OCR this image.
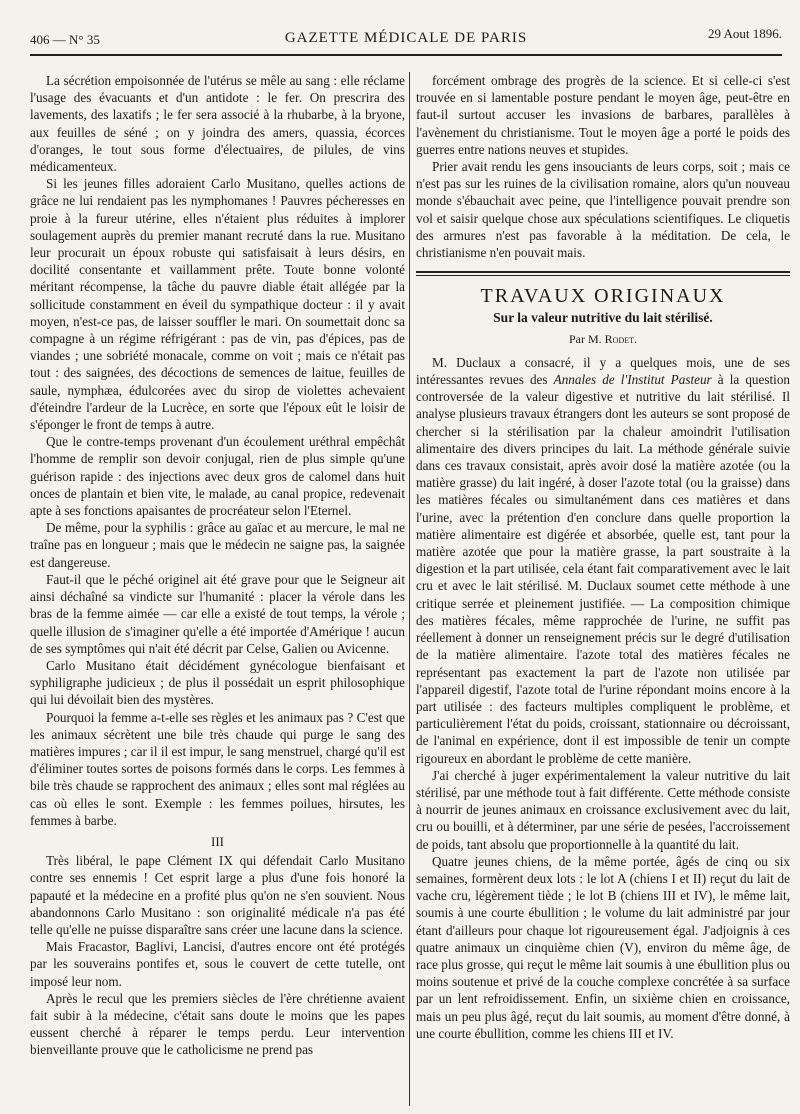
406 — N° 35	GAZETTE MÉDICALE DE PARIS	29 Aout 1896.

La sécrétion empoisonnée de l'utérus se mêle au sang : elle réclame l'usage des évacuants et d'un antidote : le fer. On prescrira des lavements, des laxatifs ; le fer sera associé à la rhubarbe, à la bryone, aux feuilles de séné ; on y joindra des amers, quassia, écorces d'oranges, le tout sous forme d'électuaires, de pilules, de vins médicamenteux.

Si les jeunes filles adoraient Carlo Musitano, quelles actions de grâce ne lui rendaient pas les nymphomanes ! Pauvres pécheresses en proie à la fureur utérine, elles n'étaient plus réduites à implorer soulagement auprès du premier manant recruté dans la rue. Musitano leur procurait un époux robuste qui satisfaisait à leurs désirs, en docilité consentante et vaillamment prête. Toute bonne volonté méritant récompense, la tâche du pauvre diable était allégée par la sollicitude constamment en éveil du sympathique docteur : il y avait moyen, n'est-ce pas, de laisser souffler le mari. On soumettait donc sa compagne à un régime réfrigérant : pas de vin, pas d'épices, pas de viandes ; une sobriété monacale, comme on voit ; mais ce n'était pas tout : des saignées, des décoctions de semences de laitue, feuilles de saule, nymphæa, édulcorées avec du sirop de violettes achevaient d'éteindre l'ardeur de la Lucrèce, en sorte que l'époux eût le loisir de s'éponger le front de temps à autre.

Que le contre-temps provenant d'un écoulement uréthral empêchât l'homme de remplir son devoir conjugal, rien de plus simple qu'une guérison rapide : des injections avec deux gros de calomel dans huit onces de plantain et bien vite, le malade, au canal propice, redevenait apte à ses fonctions apaisantes de procréateur selon l'Eternel.

De même, pour la syphilis : grâce au gaïac et au mercure, le mal ne traîne pas en longueur ; mais que le médecin ne saigne pas, la saignée est dangereuse.

Faut-il que le péché originel ait été grave pour que le Seigneur ait ainsi déchaîné sa vindicte sur l'humanité : placer la vérole dans les bras de la femme aimée — car elle a existé de tout temps, la vérole ; quelle illusion de s'imaginer qu'elle a été importée d'Amérique ! aucun de ses symptômes qui n'ait été décrit par Celse, Galien ou Avicenne.

Carlo Musitano était décidément gynécologue bienfaisant et syphiligraphe judicieux ; de plus il possédait un esprit philosophique qui lui dévoilait bien des mystères.

Pourquoi la femme a-t-elle ses règles et les animaux pas ? C'est que les animaux sécrètent une bile très chaude qui purge le sang des matières impures ; car il il est impur, le sang menstruel, chargé qu'il est d'éliminer toutes sortes de poisons formés dans le corps. Les femmes à bile très chaude se rapprochent des animaux ; elles sont mal réglées au cas où elles le sont. Exemple : les femmes poilues, hirsutes, les femmes à barbe.

III

Très libéral, le pape Clément IX qui défendait Carlo Musitano contre ses ennemis ! Cet esprit large a plus d'une fois honoré la papauté et la médecine en a profité plus qu'on ne s'en souvient. Nous abandonnons Carlo Musitano : son originalité médicale n'a pas été telle qu'elle ne puisse disparaître sans créer une lacune dans la science.

Mais Fracastor, Baglivi, Lancisi, d'autres encore ont été protégés par les souverains pontifes et, sous le couvert de cette tutelle, ont imposé leur nom.

Après le recul que les premiers siècles de l'ère chrétienne avaient fait subir à la médecine, c'était sans doute le moins que les papes eussent cherché à réparer le temps perdu. Leur intervention bienveillante prouve que le catholicisme ne prend pas

forcément ombrage des progrès de la science. Et si celle-ci s'est trouvée en si lamentable posture pendant le moyen âge, peut-être en faut-il surtout accuser les invasions de barbares, parallèles à l'avènement du christianisme. Tout le moyen âge a porté le poids des guerres entre nations neuves et stupides.

Prier avait rendu les gens insouciants de leurs corps, soit ; mais ce n'est pas sur les ruines de la civilisation romaine, alors qu'un nouveau monde s'ébauchait avec peine, que l'intelligence pouvait prendre son vol et saisir quelque chose aux spéculations scientifiques. Le cliquetis des armures n'est pas favorable à la méditation. De cela, le christianisme n'en pouvait mais.

TRAVAUX ORIGINAUX
Sur la valeur nutritive du lait stérilisé.
Par M. Rodet.

M. Duclaux a consacré, il y a quelques mois, une de ses intéressantes revues des Annales de l'Institut Pasteur à la question controversée de la valeur digestive et nutritive du lait stérilisé. Il analyse plusieurs travaux étrangers dont les auteurs se sont proposé de chercher si la stérilisation par la chaleur amoindrit l'utilisation alimentaire des divers principes du lait. La méthode générale suivie dans ces travaux consistait, après avoir dosé la matière azotée (ou la matière grasse) du lait ingéré, à doser l'azote total (ou la graisse) dans les matières fécales ou simultanément dans ces matières et dans l'urine, avec la prétention d'en conclure dans quelle proportion la matière alimentaire est digérée et absorbée, quelle est, tant pour la matière azotée que pour la matière grasse, la part soustraite à la digestion et la part utilisée, cela étant fait comparativement avec le lait cru et avec le lait stérilisé. M. Duclaux soumet cette méthode à une critique serrée et pleinement justifiée. — La composition chimique des matières fécales, même rapprochée de l'urine, ne suffit pas réellement à donner un renseignement précis sur le degré d'utilisation de la matière alimentaire. l'azote total des matières fécales ne représentant pas exactement la part de l'azote non utilisée par l'appareil digestif, l'azote total de l'urine répondant moins encore à la part utilisée : des facteurs multiples compliquent le problème, et particulièrement l'état du poids, croissant, stationnaire ou décroissant, de l'animal en expérience, dont il est impossible de tenir un compte rigoureux en abordant le problème de cette manière.

J'ai cherché à juger expérimentalement la valeur nutritive du lait stérilisé, par une méthode tout à fait différente. Cette méthode consiste à nourrir de jeunes animaux en croissance exclusivement avec du lait, cru ou bouilli, et à déterminer, par une série de pesées, l'accroissement de poids, tant absolu que proportionnelle à la quantité du lait.

Quatre jeunes chiens, de la même portée, âgés de cinq ou six semaines, formèrent deux lots : le lot A (chiens I et II) reçut du lait de vache cru, légèrement tiède ; le lot B (chiens III et IV), le même lait, soumis à une courte ébullition ; le volume du lait administré par jour étant d'ailleurs pour chaque lot rigoureusement égal. J'adjoignis à ces quatre animaux un cinquième chien (V), environ du même âge, de race plus grosse, qui reçut le même lait soumis à une ébullition plus ou moins soutenue et privé de la couche complexe concrétée à sa surface par un lent refroidissement. Enfin, un sixième chien en croissance, mais un peu plus âgé, reçut du lait soumis, au moment d'être donné, à une courte ébullition, comme les chiens III et IV.
